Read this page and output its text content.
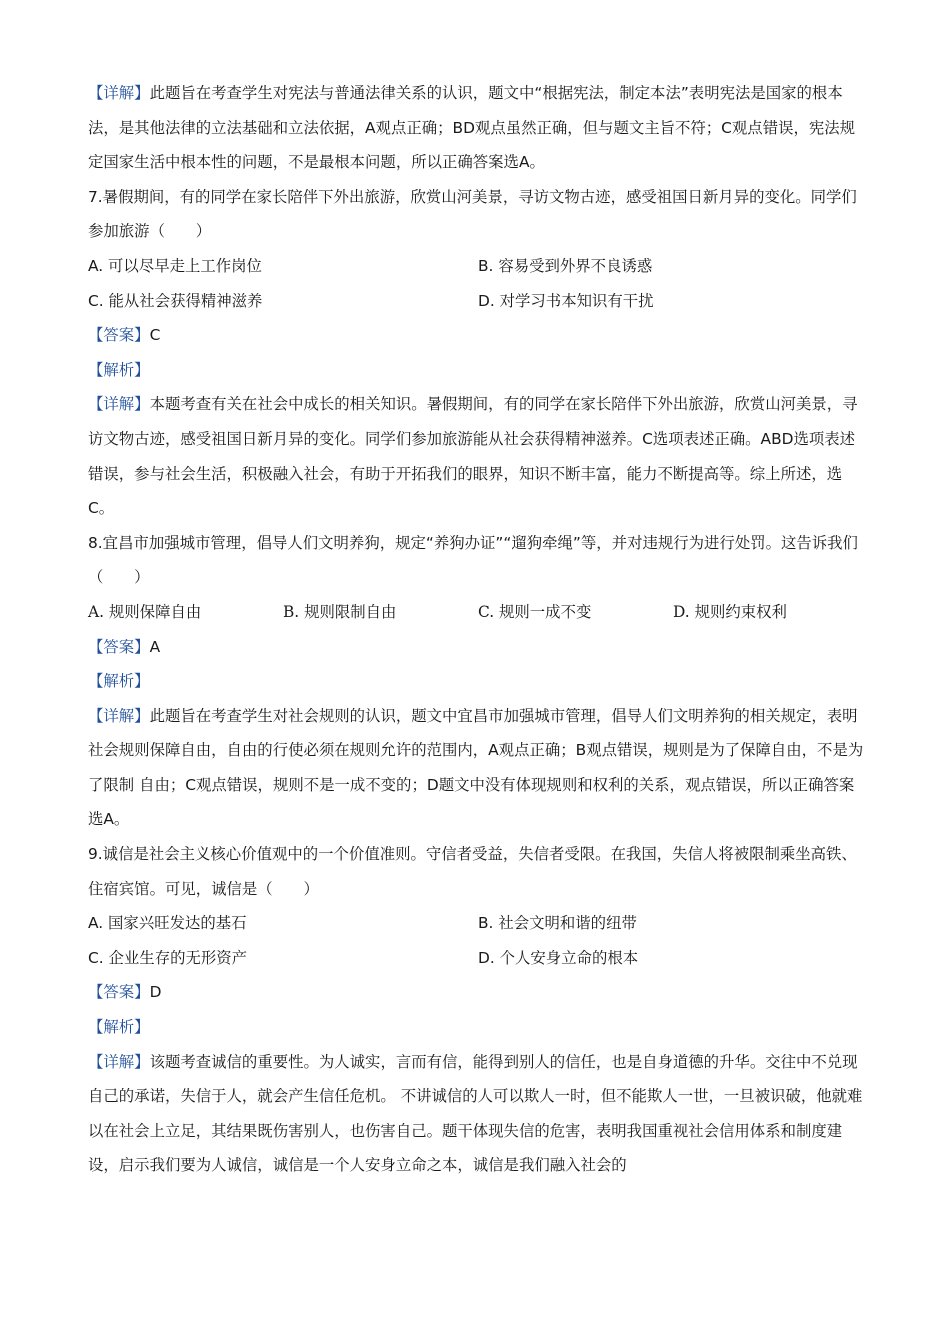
【详解】此题旨在考查学生对宪法与普通法律关系的认识，题文中“根据宪法，制定本法”表明宪法是国家的根本法，是其他法律的立法基础和立法依据，A观点正确；BD观点虽然正确，但与题文主旨不符；C观点错误，宪法规定国家生活中根本性的问题，不是最根本问题，所以正确答案选A。

7.暑假期间，有的同学在家长陪伴下外出旅游，欣赏山河美景，寻访文物古迹，感受祖国日新月异的变化。同学们参加旅游（　　）

A. 可以尽早走上工作岗位	B. 容易受到外界不良诱惑
C. 能从社会获得精神滋养	D. 对学习书本知识有干扰

【答案】C

【解析】

【详解】本题考查有关在社会中成长的相关知识。暑假期间，有的同学在家长陪伴下外出旅游，欣赏山河美景，寻访文物古迹，感受祖国日新月异的变化。同学们参加旅游能从社会获得精神滋养。C选项表述正确。ABD选项表述错误，参与社会生活，积极融入社会，有助于开拓我们的眼界，知识不断丰富，能力不断提高等。综上所述，选C。

8.宜昌市加强城市管理，倡导人们文明养狗，规定“养狗办证”“遛狗牵绳”等，并对违规行为进行处罚。这告诉我们（　　）

A. 规则保障自由	B. 规则限制自由	C. 规则一成不变	D. 规则约束权利

【答案】A

【解析】

【详解】此题旨在考查学生对社会规则的认识，题文中宜昌市加强城市管理，倡导人们文明养狗的相关规定，表明社会规则保障自由，自由的行使必须在规则允许的范围内，A观点正确；B观点错误，规则是为了保障自由，不是为了限制 自由；C观点错误，规则不是一成不变的；D题文中没有体现规则和权利的关系，观点错误，所以正确答案选A。

9.诚信是社会主义核心价值观中的一个价值准则。守信者受益，失信者受限。在我国，失信人将被限制乘坐高铁、住宿宾馆。可见，诚信是（　　）

A. 国家兴旺发达的基石	B. 社会文明和谐的纽带
C. 企业生存的无形资产	D. 个人安身立命的根本

【答案】D

【解析】

【详解】该题考查诚信的重要性。为人诚实，言而有信，能得到别人的信任，也是自身道德的升华。交往中不兑现自己的承诺，失信于人，就会产生信任危机。 不讲诚信的人可以欺人一时，但不能欺人一世，一旦被识破，他就难以在社会上立足，其结果既伤害别人，也伤害自己。题干体现失信的危害，表明我国重视社会信用体系和制度建设，启示我们要为人诚信，诚信是一个人安身立命之本，诚信是我们融入社会的
